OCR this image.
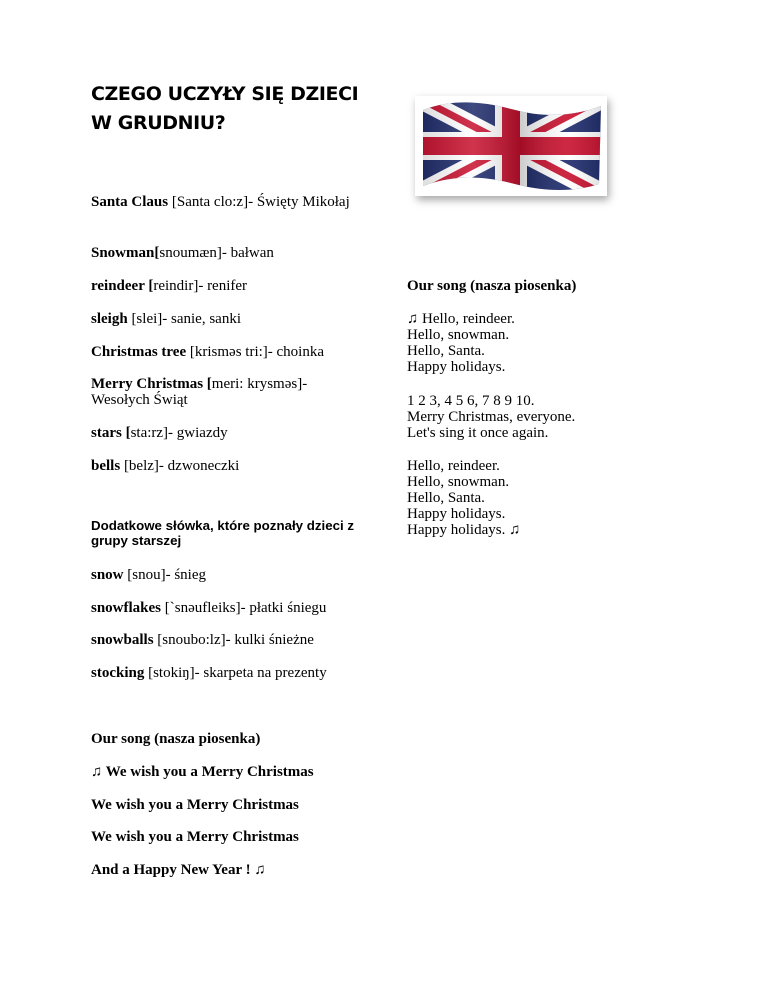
CZEGO UCZYŁY SIĘ DZIECI
W GRUDNIU?
Santa Claus [Santa clo:z]- Święty Mikołaj
Snowman[snoumæn]- bałwan
reindeer [reindir]- renifer
sleigh [slei]- sanie, sanki
Christmas tree [krisməs tri:]- choinka
Merry Christmas [meri: krysməs]- Wesołych Świąt
stars [sta:rz]- gwiazdy
bells [belz]- dzwoneczki
Dodatkowe słówka, które poznały dzieci z grupy starszej
snow [snou]- śnieg
snowflakes [`snəufleiks]- płatki śniegu
snowballs [snoubo:lz]- kulki śnieżne
stocking [stokiŋ]- skarpeta na prezenty
Our song (nasza piosenka)
♫ We wish you a Merry Christmas
We wish you a Merry Christmas
We wish you a Merry Christmas
And a Happy New Year ! ♫
Our song (nasza piosenka)
♫ Hello, reindeer.
Hello, snowman.
Hello, Santa.
Happy holidays.
1 2 3, 4 5 6, 7 8 9 10.
Merry Christmas, everyone.
Let's sing it once again.
Hello, reindeer.
Hello, snowman.
Hello, Santa.
Happy holidays.
Happy holidays. ♫
